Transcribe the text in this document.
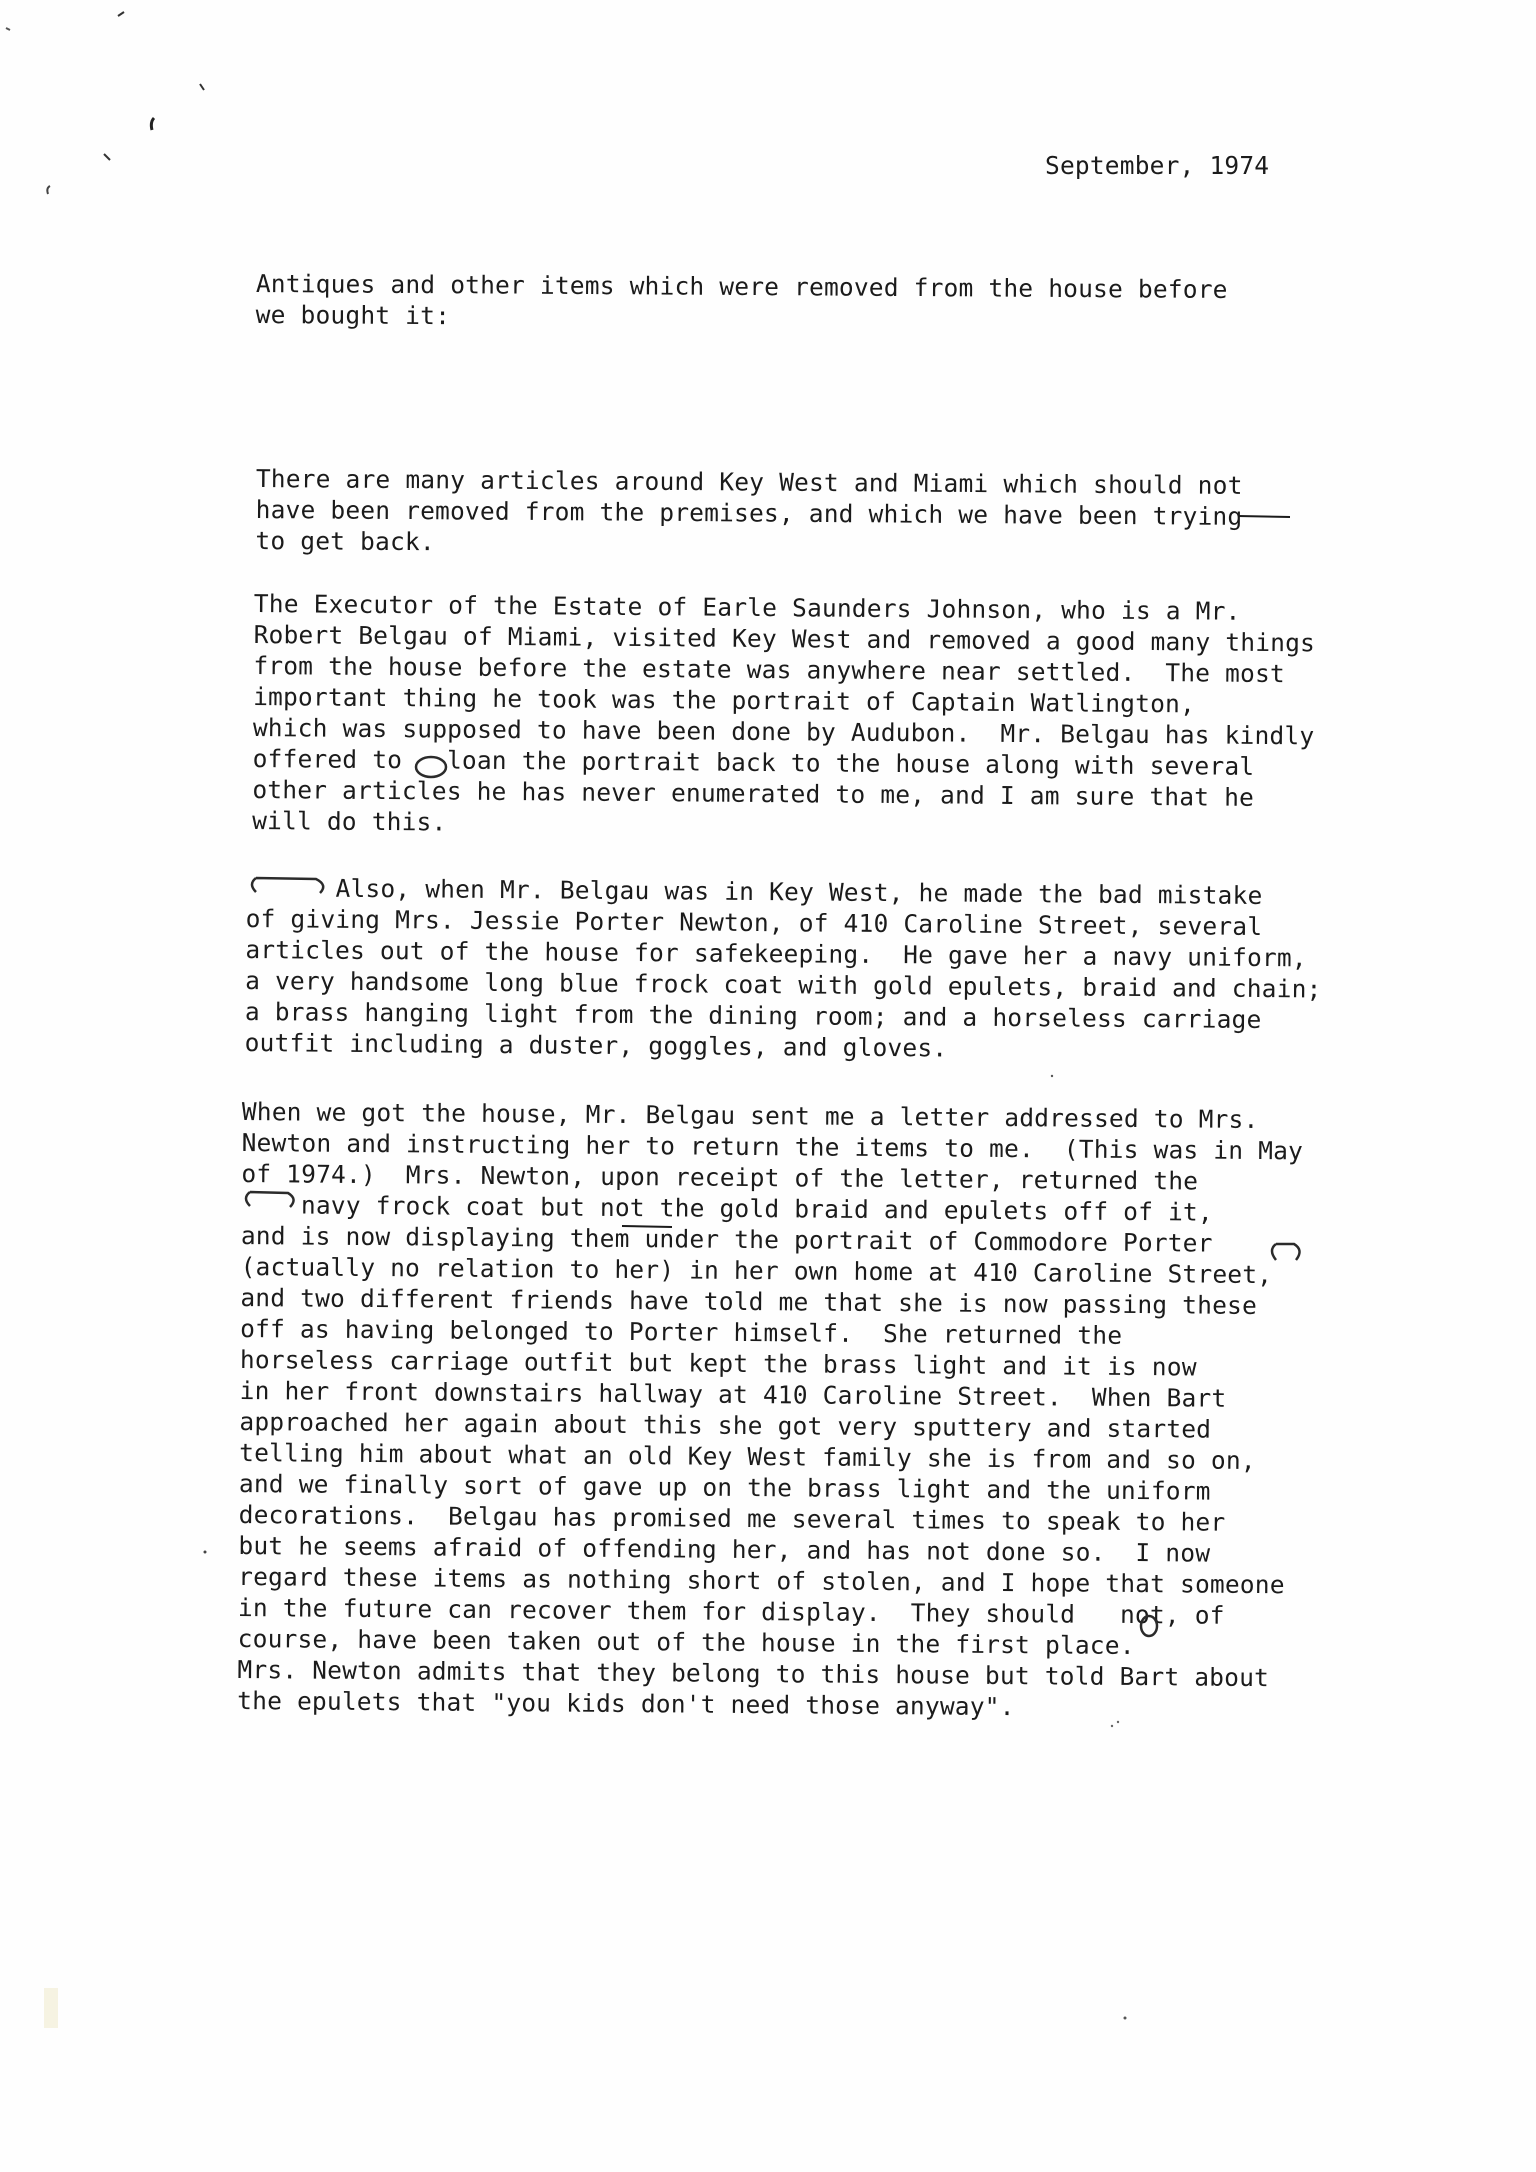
September, 1974

Antiques and other items which were removed from the house before
we bought it:
There are many articles around Key West and Miami which should not
have been removed from the premises, and which we have been trying
to get back.
The Executor of the Estate of Earle Saunders Johnson, who is a Mr.
Robert Belgau of Miami, visited Key West and removed a good many things
from the house before the estate was anywhere near settled.  The most
important thing he took was the portrait of Captain Watlington,
which was supposed to have been done by Audubon.  Mr. Belgau has kindly
offered to   loan the portrait back to the house along with several
other articles he has never enumerated to me, and I am sure that he
will do this.
Also, when Mr. Belgau was in Key West, he made the bad mistake
of giving Mrs. Jessie Porter Newton, of 410 Caroline Street, several
articles out of the house for safekeeping.  He gave her a navy uniform,
a very handsome long blue frock coat with gold epulets, braid and chain;
a brass hanging light from the dining room; and a horseless carriage
outfit including a duster, goggles, and gloves.
When we got the house, Mr. Belgau sent me a letter addressed to Mrs.
Newton and instructing her to return the items to me.  (This was in May
of 1974.)  Mrs. Newton, upon receipt of the letter, returned the
navy frock coat but not the gold braid and epulets off of it,
and is now displaying them under the portrait of Commodore Porter
(actually no relation to her) in her own home at 410 Caroline Street,
and two different friends have told me that she is now passing these
off as having belonged to Porter himself.  She returned the
horseless carriage outfit but kept the brass light and it is now
in her front downstairs hallway at 410 Caroline Street.  When Bart
approached her again about this she got very sputtery and started
telling him about what an old Key West family she is from and so on,
and we finally sort of gave up on the brass light and the uniform
decorations.  Belgau has promised me several times to speak to her
but he seems afraid of offending her, and has not done so.  I now
regard these items as nothing short of stolen, and I hope that someone
in the future can recover them for display.  They should   not, of
course, have been taken out of the house in the first place.
Mrs. Newton admits that they belong to this house but told Bart about
the epulets that "you kids don't need those anyway".
